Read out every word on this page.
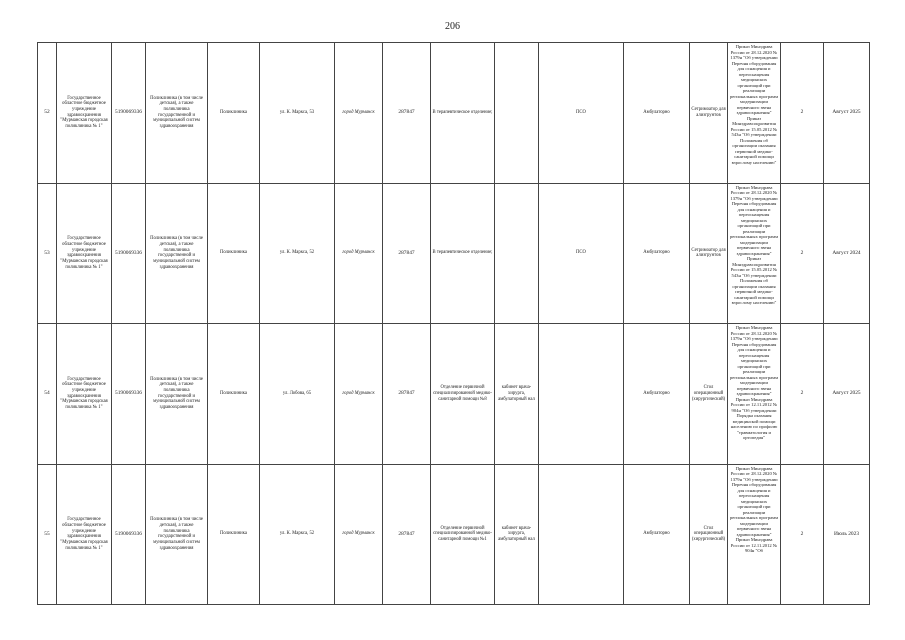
206
52	Государственное областное бюджетное учреждение здравоохранения "Мурманская городская поликлиника № 1"	5190069336	Поликлиника (в том числе детская), а также поликлиника государственной и муниципальной систем здравоохранения	Поликлиника	ул. К. Маркса, 53	город Мурманск	287847	В терапевтическое отделение;		ПСО	Амбулаторно	Сетримоатор для ализгрунтов	Приказ Минздрава России от 28.12.2020 № 1379н "Об утверждении Перечня оборудования для оснащения и переоснащения медицинских организаций при реализации региональных программ модернизации первичного звена здравоохранения" Приказ Минздравсоцразвития России от 15.05.2012 № 543н "Об утверждении Положения об организации оказания первичной медико-санитарной помощи взрослому населению"	2	Август 2025
53	Государственное областное бюджетное учреждение здравоохранения "Мурманская городская поликлиника № 1"	5190069336	Поликлиника (в том числе детская), а также поликлиника государственной и муниципальной систем здравоохранения	Поликлиника	ул. К. Маркса, 52	город Мурманск	287847	В терапевтическое отделение;		ПСО	Амбулаторно	Сетримоатор для ализгрунтов	Приказ Минздрава России от 28.12.2020 № 1379н "Об утверждении Перечня оборудования для оснащения и переоснащения медицинских организаций при реализации региональных программ модернизации первичного звена здравоохранения" Приказ Минздравсоцразвития России от 15.05.2012 № 543н "Об утверждении Положения об организации оказания первичной медико-санитарной помощи взрослому населению"	2	Август 2024
54	Государственное областное бюджетное учреждение здравоохранения "Мурманская городская поликлиника № 1"	5190069336	Поликлиника (в том числе детская), а также поликлиника государственной и муниципальной систем здравоохранения	Поликлиника	ул. Лобова, 65	город Мурманск	287847	Отделение первичной специализированной медико-санитарной помощи №8	кабинет врача-хирурга, амбулаторный нал		Амбулаторно	Стол операционный (хирургический)	Приказ Минздрава России от 28.12.2020 № 1379н "Об утверждении Перечня оборудования для оснащения и переоснащения медицинских организаций при реализации региональных программ модернизации первичного звена здравоохранения" Приказ Минздрава России от 12.11.2012 № 904н "Об утверждении Порядка оказания медицинской помощи населению по профилю "травматология и ортопедия"	2	Август 2025
55	Государственное областное бюджетное учреждение здравоохранения "Мурманская городская поликлиника № 1"	5190069336	Поликлиника (в том числе детская), а также поликлиника государственной и муниципальной систем здравоохранения	Поликлиника	ул. К. Маркса, 52	город Мурманск	287847	Отделение первичной специализированной медико-санитарной помощи №1	кабинет врача-хирурга, амбулаторный нал		Амбулаторно	Стол операционный (хирургический)	Приказ Минздрава России от 28.12.2020 № 1379н "Об утверждении Перечня оборудования для оснащения и переоснащения медицинских организаций при реализации региональных программ модернизации первичного звена здравоохранения" Приказ Минздрава России от 12.11.2012 № 904н "Об	2	Июль 2023
